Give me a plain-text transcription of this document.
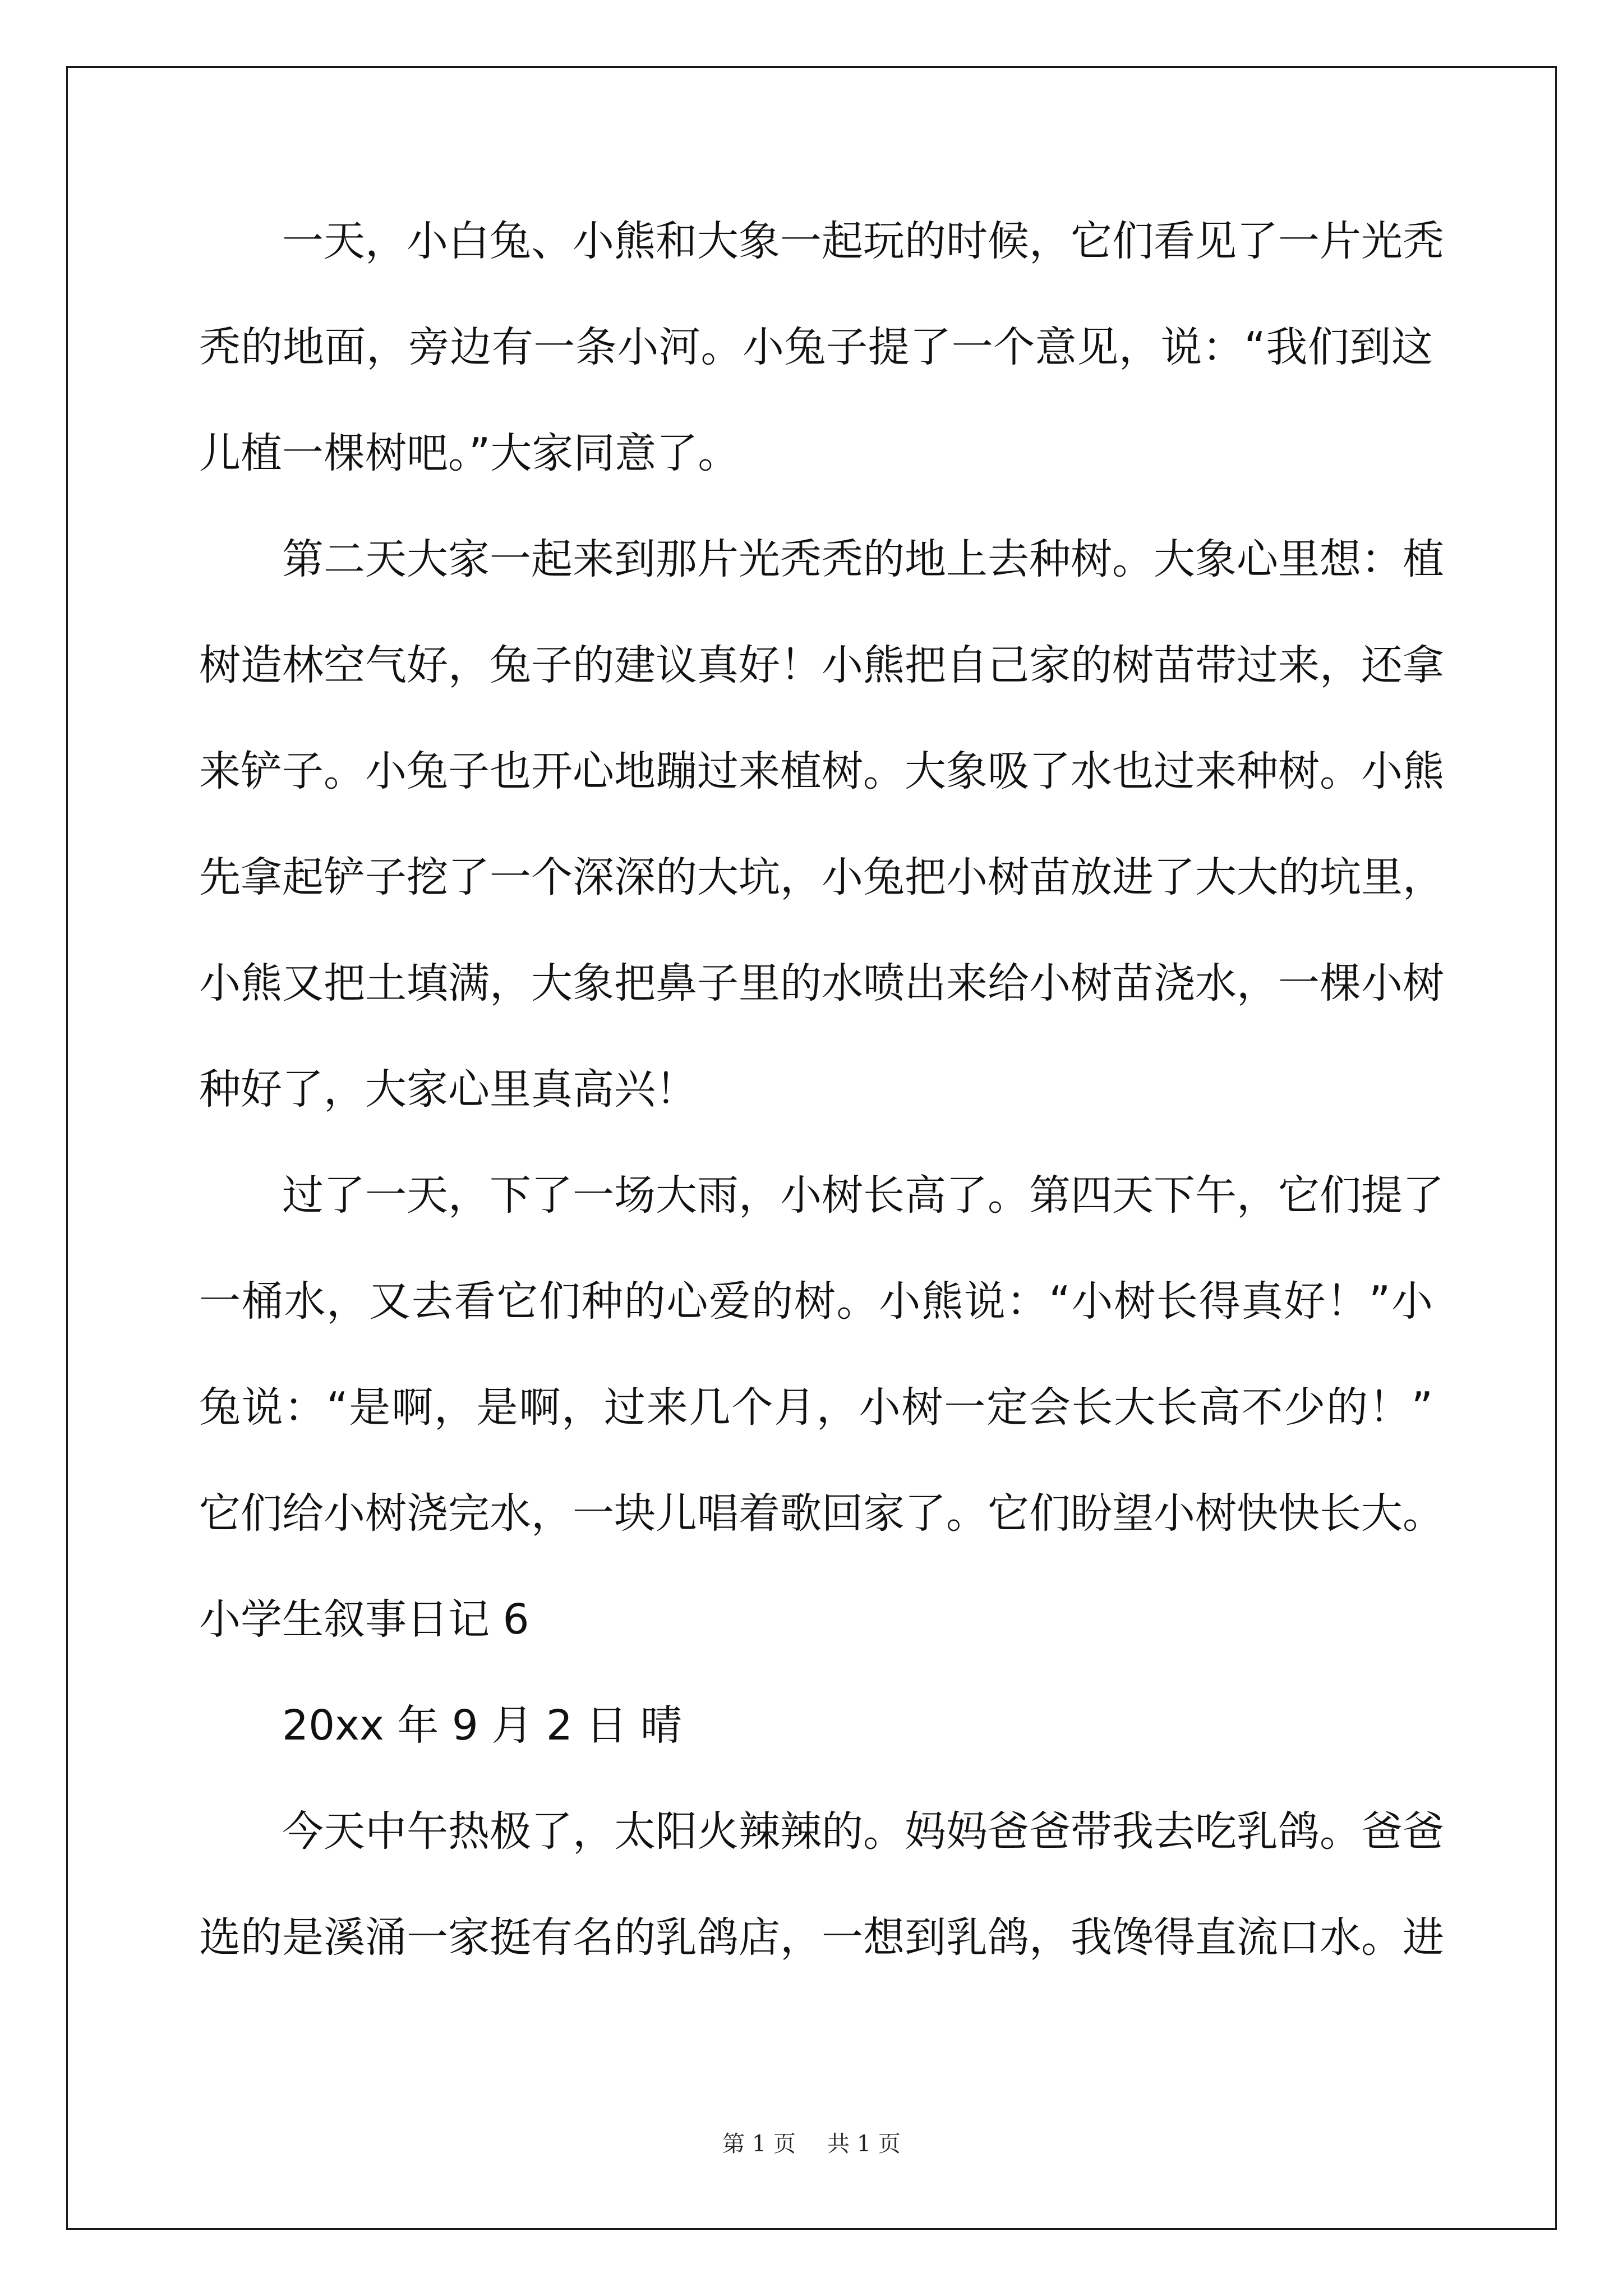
一天，小白兔、小熊和大象一起玩的时候，它们看见了一片光秃
秃的地面，旁边有一条小河。小兔子提了一个意见，说：“我们到这
儿植一棵树吧。”大家同意了。
第二天大家一起来到那片光秃秃的地上去种树。大象心里想：植
树造林空气好，兔子的建议真好！小熊把自己家的树苗带过来，还拿
来铲子。小兔子也开心地蹦过来植树。大象吸了水也过来种树。小熊
先拿起铲子挖了一个深深的大坑，小兔把小树苗放进了大大的坑里，
小熊又把土填满，大象把鼻子里的水喷出来给小树苗浇水，一棵小树
种好了，大家心里真高兴！
过了一天，下了一场大雨，小树长高了。第四天下午，它们提了
一桶水，又去看它们种的心爱的树。小熊说：“小树长得真好！”小
兔说：“是啊，是啊，过来几个月，小树一定会长大长高不少的！”
它们给小树浇完水，一块儿唱着歌回家了。它们盼望小树快快长大。
小学生叙事日记 6
20xx 年 9 月 2 日 晴
今天中午热极了，太阳火辣辣的。妈妈爸爸带我去吃乳鸽。爸爸
选的是溪涌一家挺有名的乳鸽店，一想到乳鸽，我馋得直流口水。进
第 1 页 共 1 页
